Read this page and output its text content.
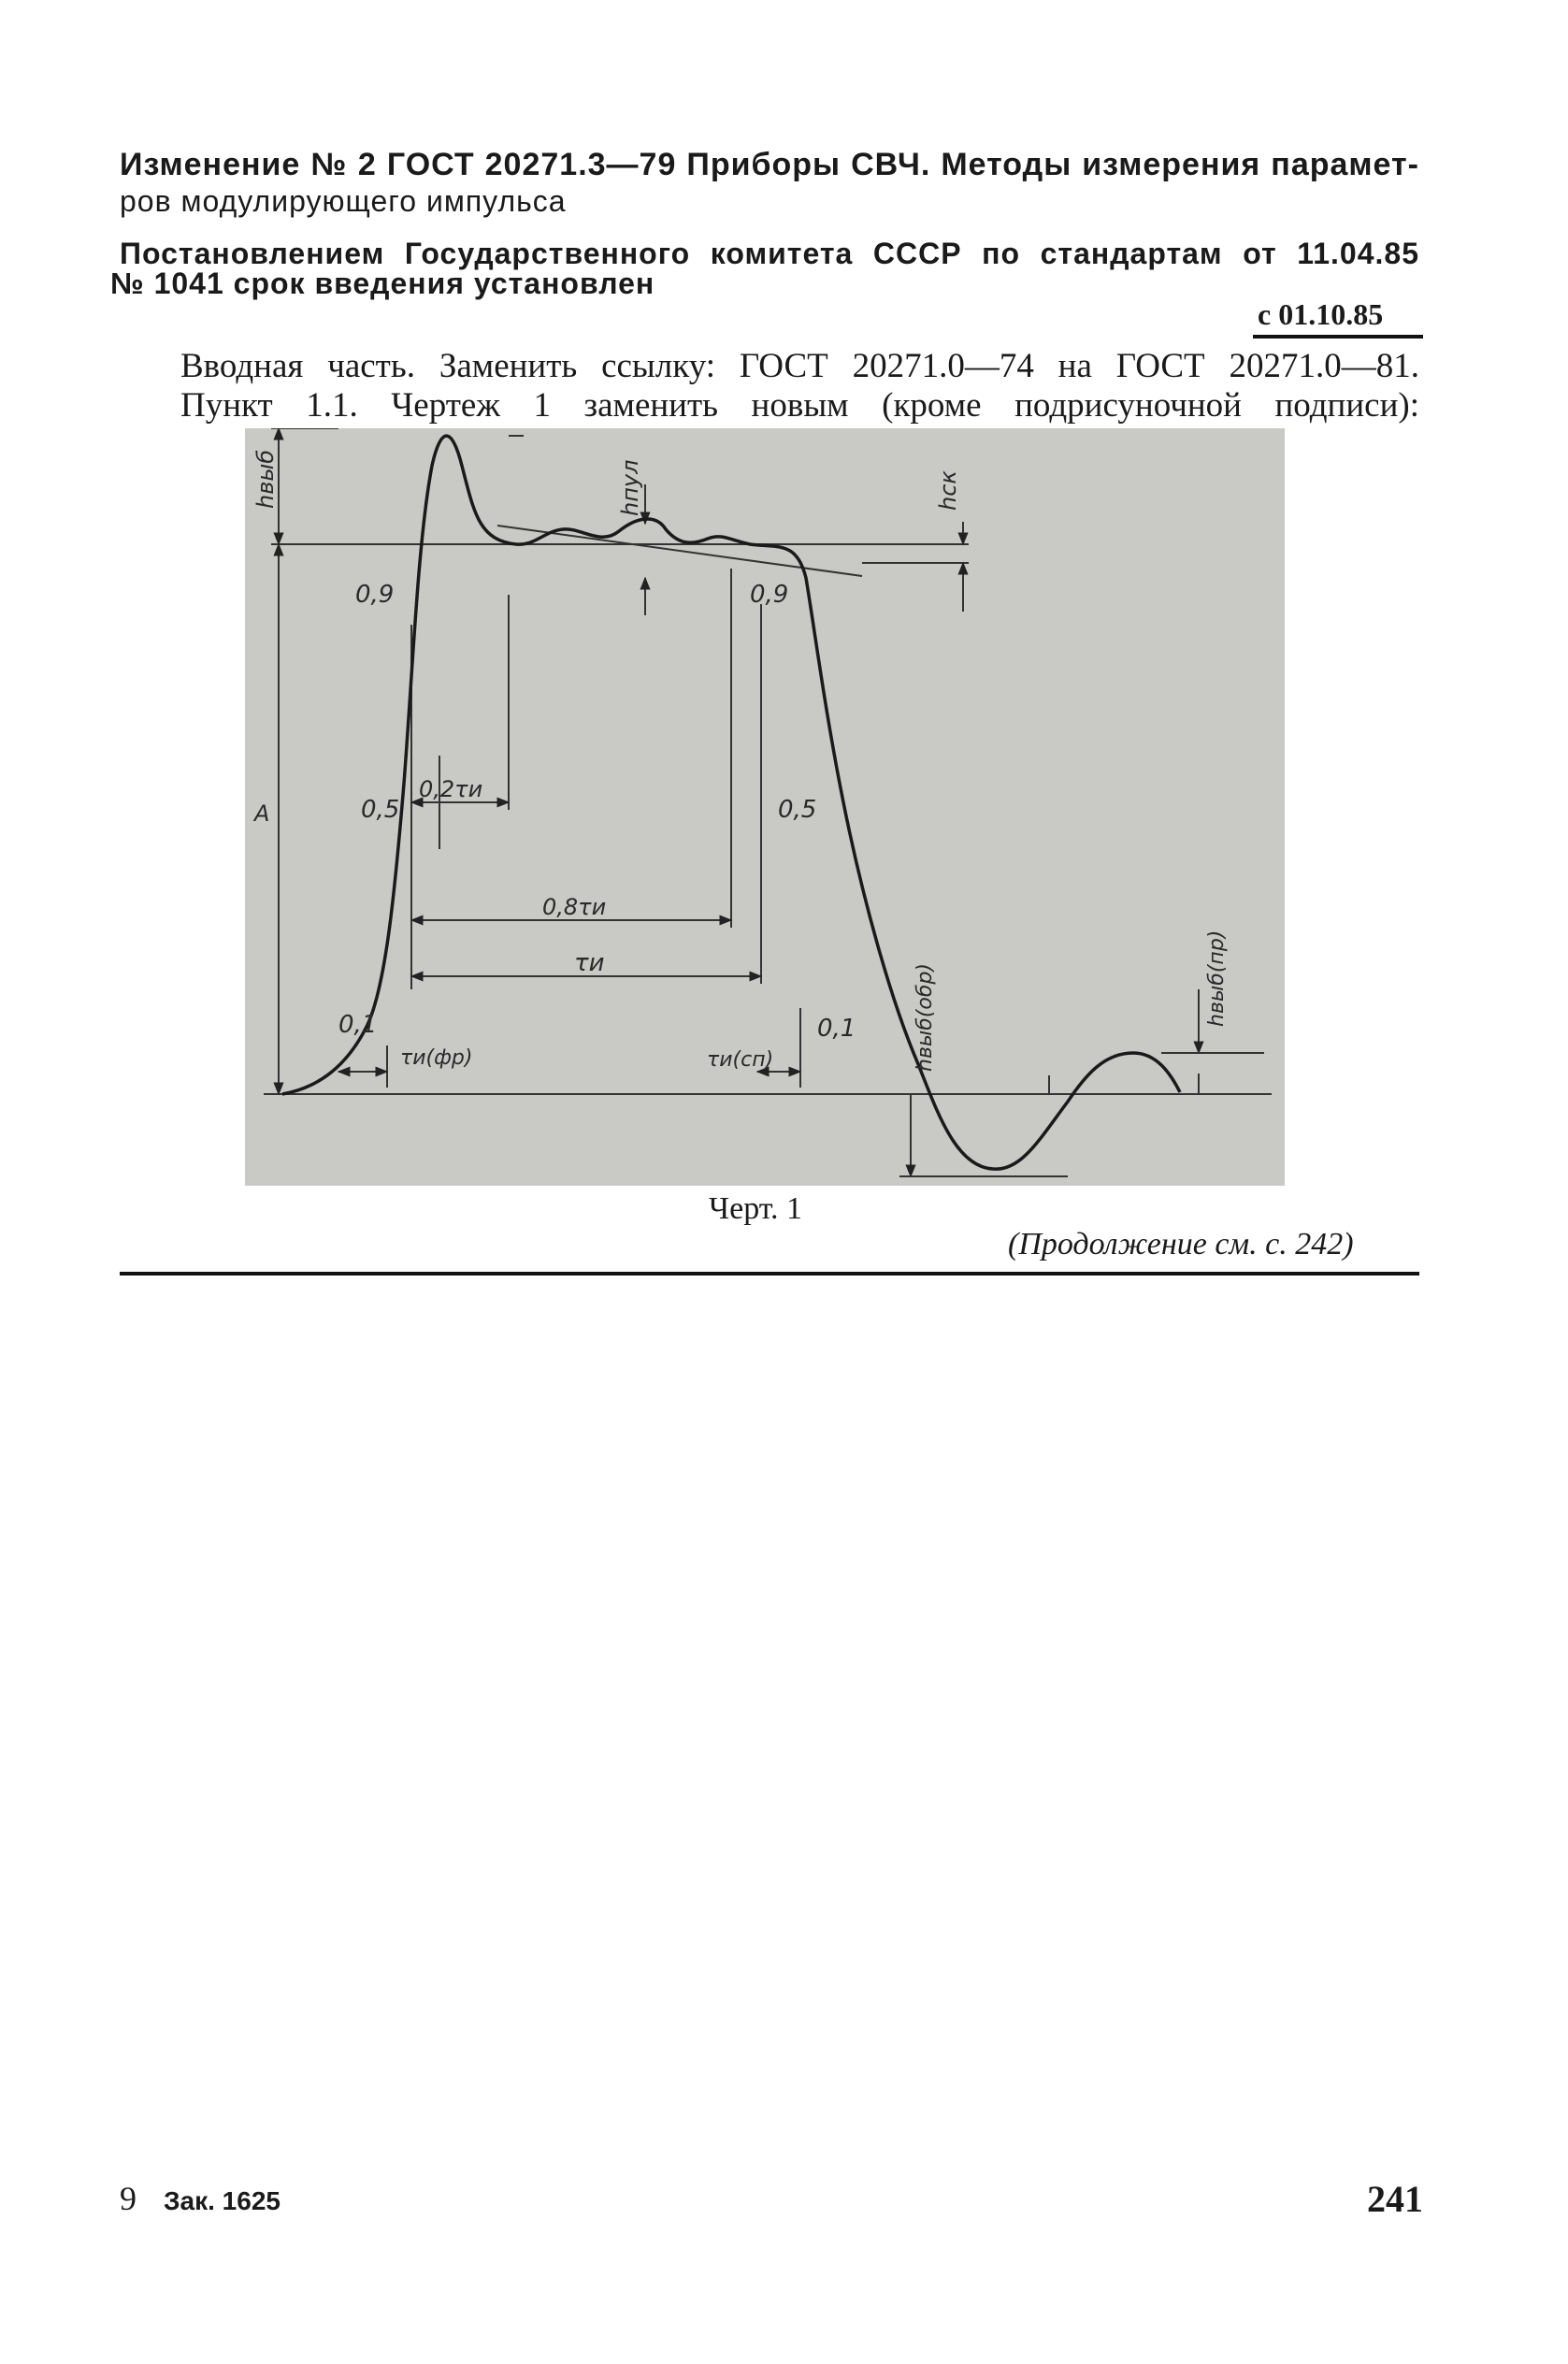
Изменение № 2 ГОСТ 20271.3—79 Приборы СВЧ. Методы измерения парамет-
ров модулирующего импульса
Постановлением Государственного комитета СССР по стандартам от 11.04.85
№ 1041 срок введения установлен
с 01.10.85
Вводная часть. Заменить ссылку: ГОСТ 20271.0—74 на ГОСТ 20271.0—81.
Пункт 1.1. Чертеж 1 заменить новым (кроме подрисуночной подписи):
0,9	0,9
0,5	0,5
0,1	0,1
hвыб	hпул	hск
A
hвыб(обр)	hвыб(пр)
0,2τи
0,8τи
τи
τи(фр)	τи(сп)
Черт. 1
(Продолжение см. с. 242)
9 Зак. 1625	241
